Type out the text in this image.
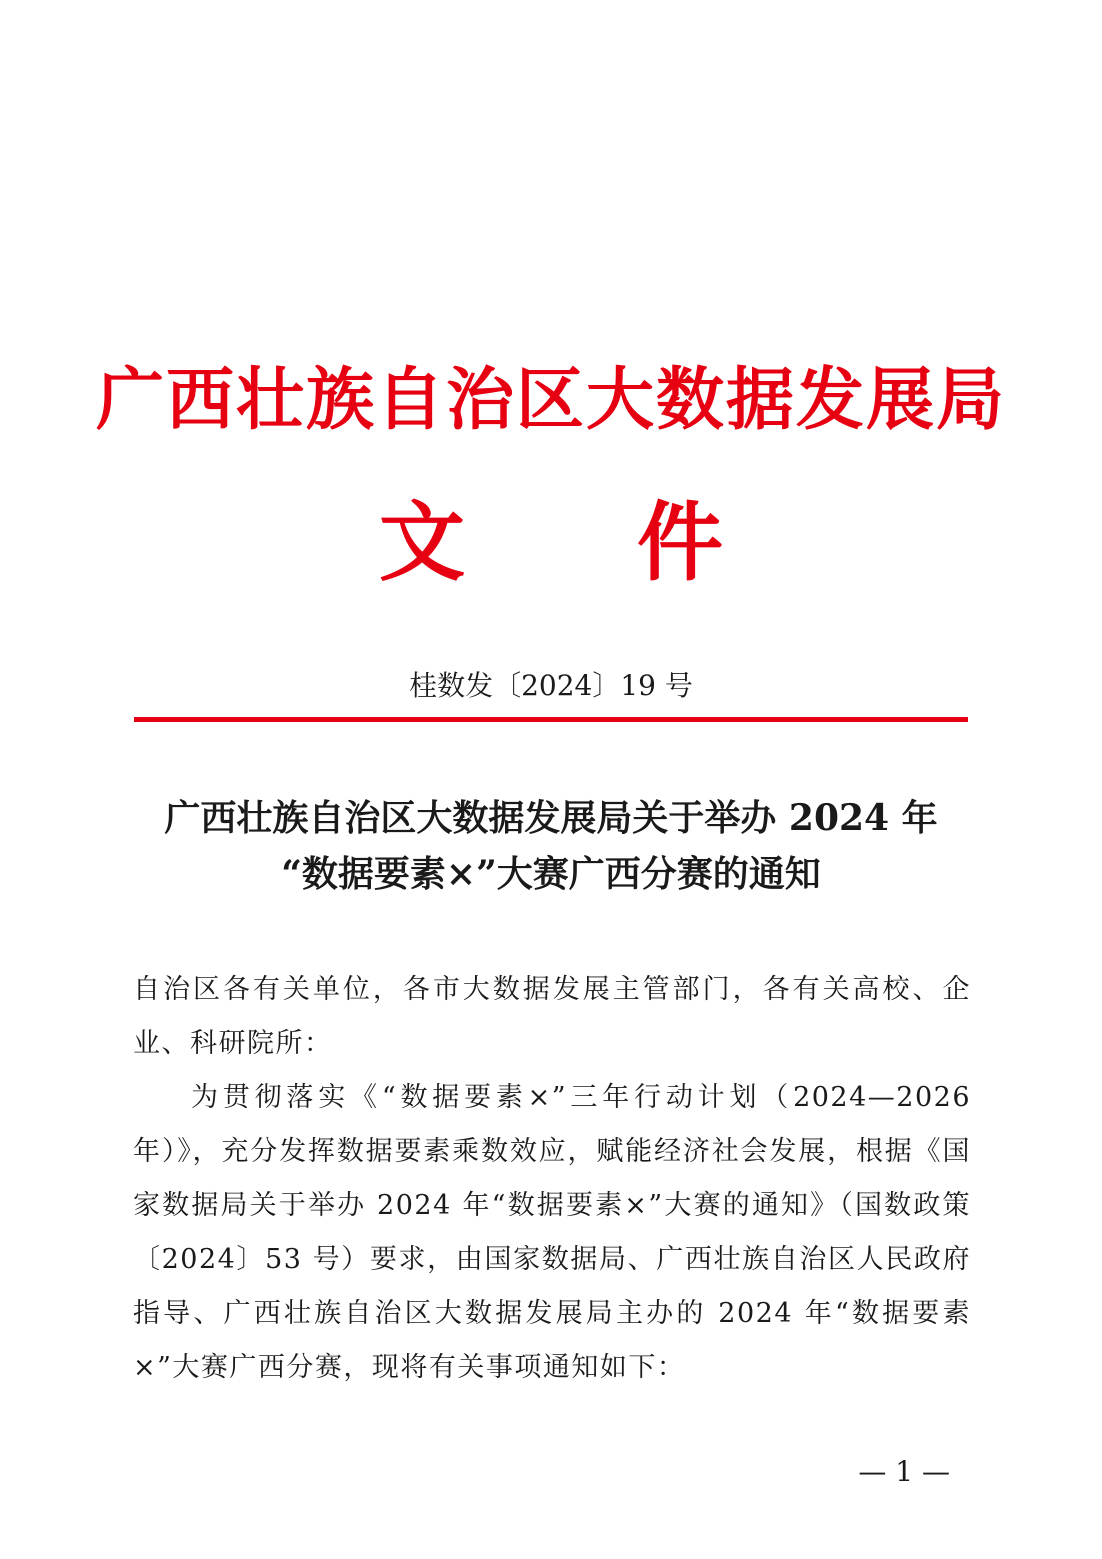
广西壮族自治区大数据发展局
文　　件
桂数发〔2024〕19 号
广西壮族自治区大数据发展局关于举办 2024 年
“数据要素×”大赛广西分赛的通知

自治区各有关单位，各市大数据发展主管部门，各有关高校、企业、科研院所：

为贯彻落实《“数据要素×”三年行动计划（2024—2026 年）》，充分发挥数据要素乘数效应，赋能经济社会发展，根据《国家数据局关于举办 2024 年“数据要素×”大赛的通知》（国数政策〔2024〕53 号）要求，由国家数据局、广西壮族自治区人民政府指导、广西壮族自治区大数据发展局主办的 2024 年“数据要素×”大赛广西分赛，现将有关事项通知如下：

— 1 —
